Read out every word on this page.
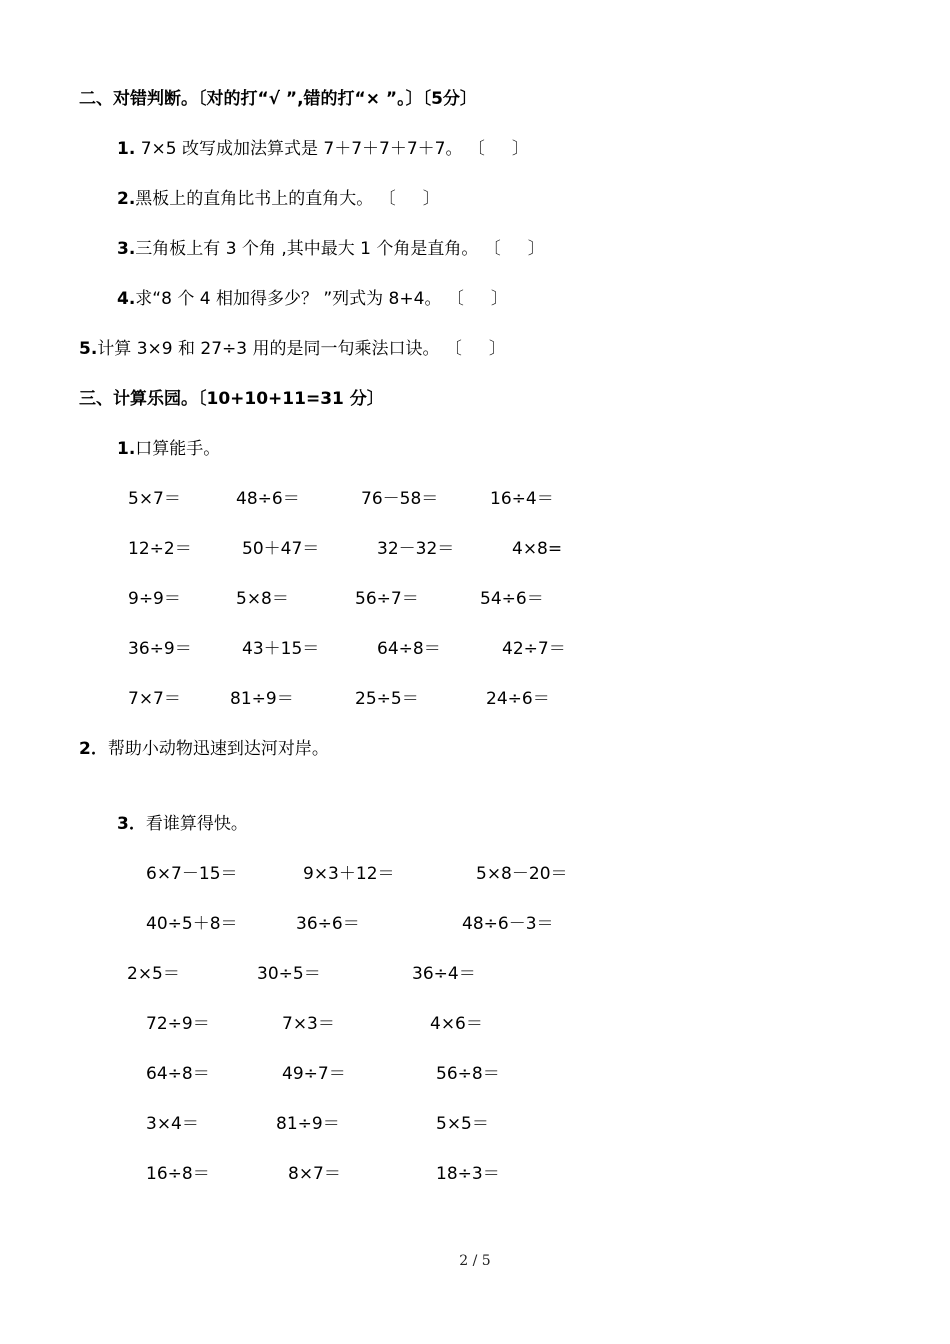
二、对错判断。〔对的打“√ ”,错的打“× ”。〕〔5分〕
1. 7×5 改写成加法算式是 7＋7＋7＋7＋7。 〔     〕
2.黑板上的直角比书上的直角大。 〔     〕
3.三角板上有 3 个角 ,其中最大 1 个角是直角。 〔     〕
4.求“8 个 4 相加得多少？ ”列式为 8+4。 〔     〕
5.计算 3×9 和 27÷3 用的是同一句乘法口诀。 〔     〕
三、计算乐园。〔10+10+11=31 分〕
1.口算能手。
5×7＝	48÷6＝	76－58＝	16÷4＝
12÷2＝	50＋47＝	32－32＝	4×8=
9÷9＝	5×8＝	56÷7＝	54÷6＝
36÷9＝	43＋15＝	64÷8＝	42÷7＝
7×7＝	81÷9＝	25÷5＝	24÷6＝
2．帮助小动物迅速到达河对岸。
3．看谁算得快。
6×7－15＝	9×3＋12＝	5×8－20＝
40÷5＋8＝	36÷6＝	48÷6－3＝
2×5＝	30÷5＝	36÷4＝
72÷9＝	7×3＝	4×6＝
64÷8＝	49÷7＝	56÷8＝
3×4＝	81÷9＝	5×5＝
16÷8＝	8×7＝	18÷3＝
2 / 5
